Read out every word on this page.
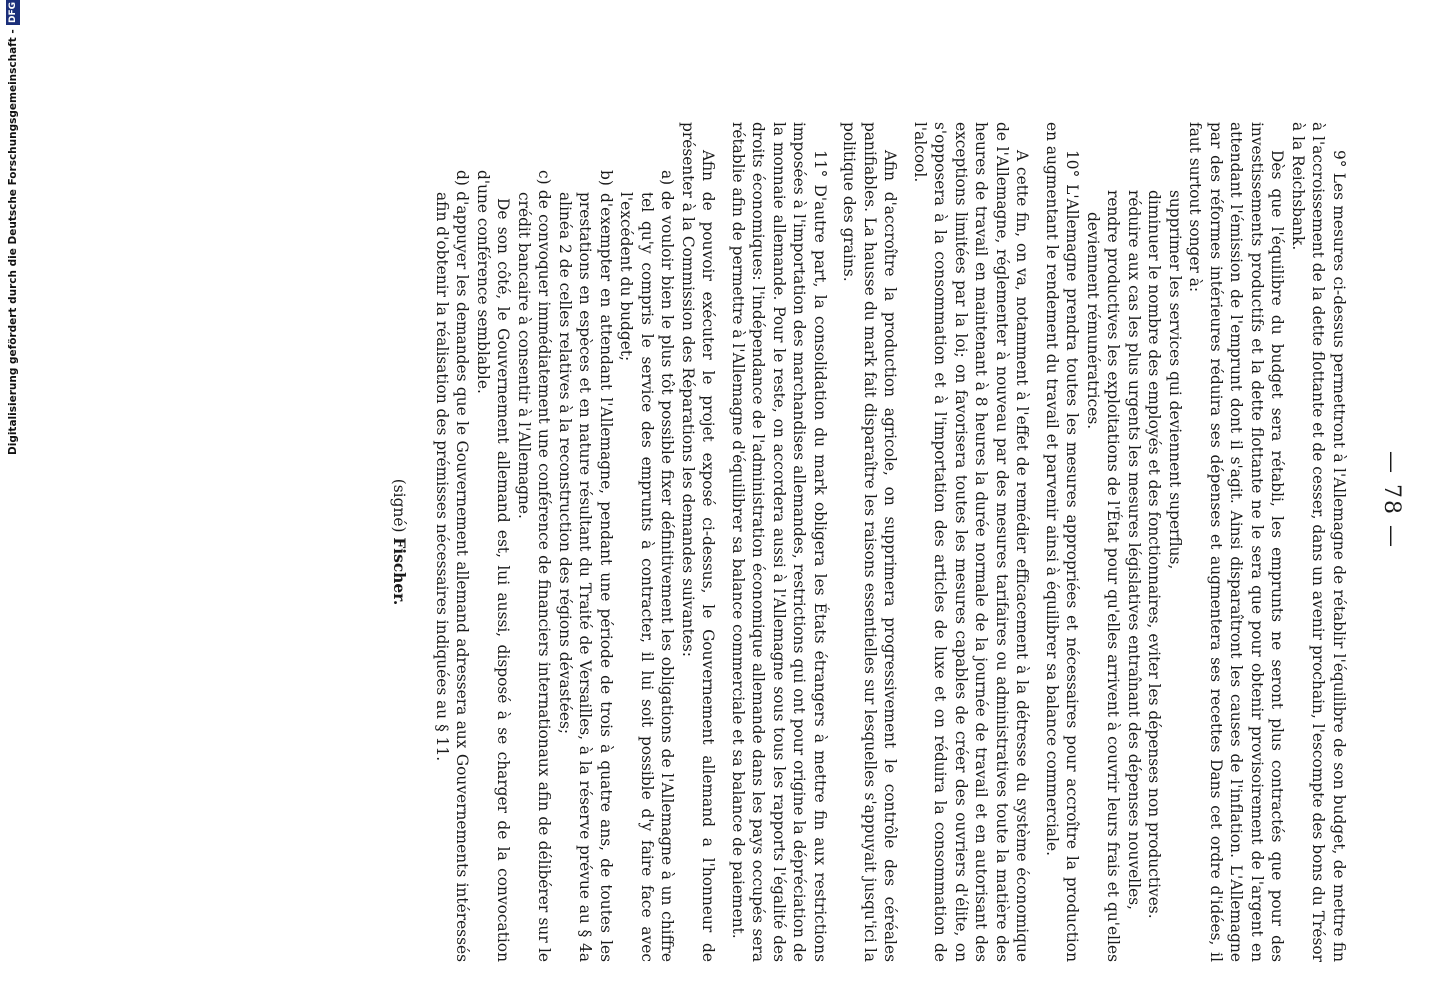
— 78 —

9° Les mesures ci-dessus permettront à l'Allemagne de rétablir l'équilibre de son budget, de mettre fin à l'accroissement de la dette flottante et de cesser, dans un avenir prochain, l'escompte des bons du Trésor à la Reichsbank.

Dès que l'équilibre du budget sera rétabli, les emprunts ne seront plus contractés que pour des investissements productifs et la dette flottante ne le sera que pour obtenir provisoirement de l'argent en attendant l'émission de l'emprunt dont il s'agit. Ainsi disparaîtront les causes de l'inflation. L'Allemagne par des réformes intérieures réduira ses dépenses et augmentera ses recettes Dans cet ordre d'idées, il faut surtout songer à:

supprimer les services qui deviennent superflus,

diminuer le nombre des employés et des fonctionnaires, eviter les dépenses non productives.

réduire aux cas les plus urgents les mesures législatives entraînant des dépenses nouvelles,

rendre productives les exploitations de l'État pour qu'elles arrivent à couvrir leurs frais et qu'elles deviennent rémunératrices.

10° L'Allemagne prendra toutes les mesures appropriées et nécessaires pour accroître la production en augmentant le rendement du travail et parvenir ainsi à équilibrer sa balance commerciale.

A cette fin, on va, notamment à l'effet de remédier efficacement à la détresse du système économique de l'Allemagne, réglementer à nouveau par des mesures tarifaires ou administratives toute la matière des heures de travail en maintenant à 8 heures la durée normale de la journée de travail et en autorisant des exceptions limitées par la loi; on favorisera toutes les mesures capables de créer des ouvriers d'élite, on s'opposera à la consommation et à l'importation des articles de luxe et on réduira la consommation de l'alcool.

Afin d'accroître la production agricole, on supprimera progressivement le contrôle des céréales panifiables. La hausse du mark fait disparaître les raisons essentielles sur lesquelles s'appuyait jusqu'ici la politique des grains.

11° D'autre part, la consolidation du mark obligera les États étrangers à mettre fin aux restrictions imposées à l'importation des marchandises allemandes, restrictions qui ont pour origine la dépréciation de la monnaie allemande. Pour le reste, on accordera aussi à l'Allemagne sous tous les rapports l'égalité des droits économiques: l'indépendance de l'administration économique allemande dans les pays occupés sera rétablie afin de permettre à l'Allemagne d'équilibrer sa balance commerciale et sa balance de paiement.

Afin de pouvoir exécuter le projet exposé ci-dessus, le Gouvernement allemand a l'honneur de présenter à la Commission des Réparations les demandes suivantes:

a) de vouloir bien le plus tôt possible fixer définitivement les obligations de l'Allemagne à un chiffre tel qu'y compris le service des emprunts à contracter, il lui soit possible d'y faire face avec l'excédent du budget;

b) d'exempter en attendant l'Allemagne, pendant une période de trois à quatre ans, de toutes les prestations en espèces et en nature résultant du Traité de Versailles, à la réserve prévue au § 4a alinéa 2 de celles relatives à la reconstruction des régions dévastées;

c) de convoquer immédiatement une conférence de financiers internationaux afin de délibérer sur le crédit bancaire à consentir à l'Allemagne.

De son côté, le Gouvernement allemand est, lui aussi, disposé à se charger de la convocation d'une conférence semblable.

d) d'appuyer les demandes que le Gouvernement allemand adressera aux Gouvernements intéressés afin d'obtenir la réalisation des prémisses nécessaires indiquées au § 11.

(signé) Fischer.
Digitalisierung gefördert durch die Deutsche Forschungsgemeinschaft -
DFG
